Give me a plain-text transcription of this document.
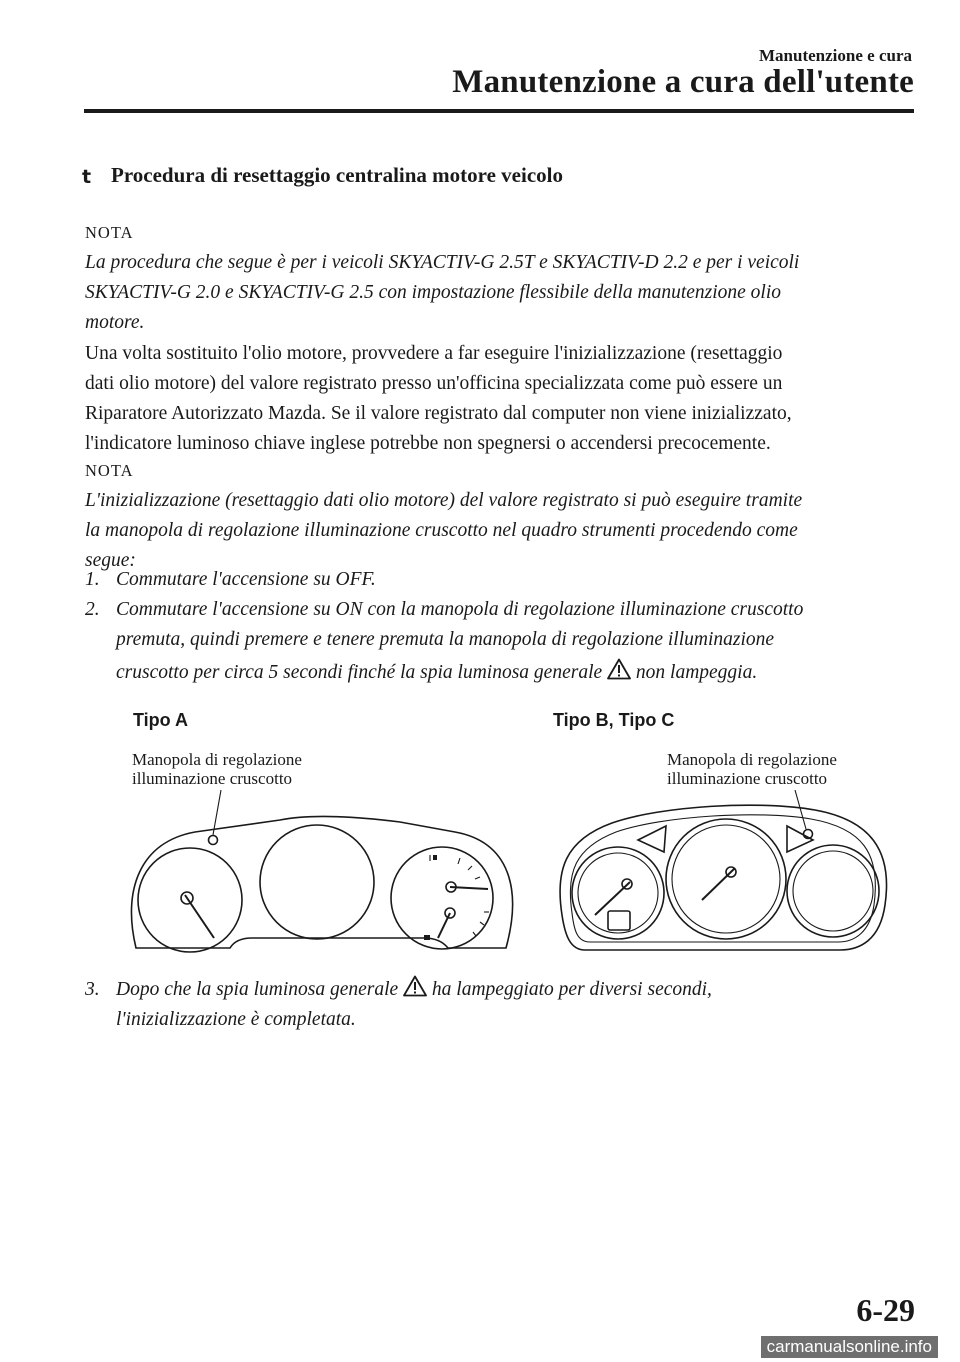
Manutenzione e cura
Manutenzione a cura dell'utente
t Procedura di resettaggio centralina motore veicolo
NOTA
La procedura che segue è per i veicoli SKYACTIV-G 2.5T e SKYACTIV-D 2.2 e per i veicoli
SKYACTIV-G 2.0 e SKYACTIV-G 2.5 con impostazione flessibile della manutenzione olio
motore.
Una volta sostituito l'olio motore, provvedere a far eseguire l'inizializzazione (resettaggio
dati olio motore) del valore registrato presso un'officina specializzata come può essere un
Riparatore Autorizzato Mazda. Se il valore registrato dal computer non viene inizializzato,
l'indicatore luminoso chiave inglese potrebbe non spegnersi o accendersi precocemente.
NOTA
L'inizializzazione (resettaggio dati olio motore) del valore registrato si può eseguire tramite
la manopola di regolazione illuminazione cruscotto nel quadro strumenti procedendo come
segue:
1. Commutare l'accensione su OFF.
2. Commutare l'accensione su ON con la manopola di regolazione illuminazione cruscotto
premuta, quindi premere e tenere premuta la manopola di regolazione illuminazione
cruscotto per circa 5 secondi finché la spia luminosa generale non lampeggia.
Tipo A	Tipo B, Tipo C
Manopola di regolazione
illuminazione cruscotto
Manopola di regolazione
illuminazione cruscotto
3. Dopo che la spia luminosa generale ha lampeggiato per diversi secondi,
l'inizializzazione è completata.
6-29
carmanualsonline.info
